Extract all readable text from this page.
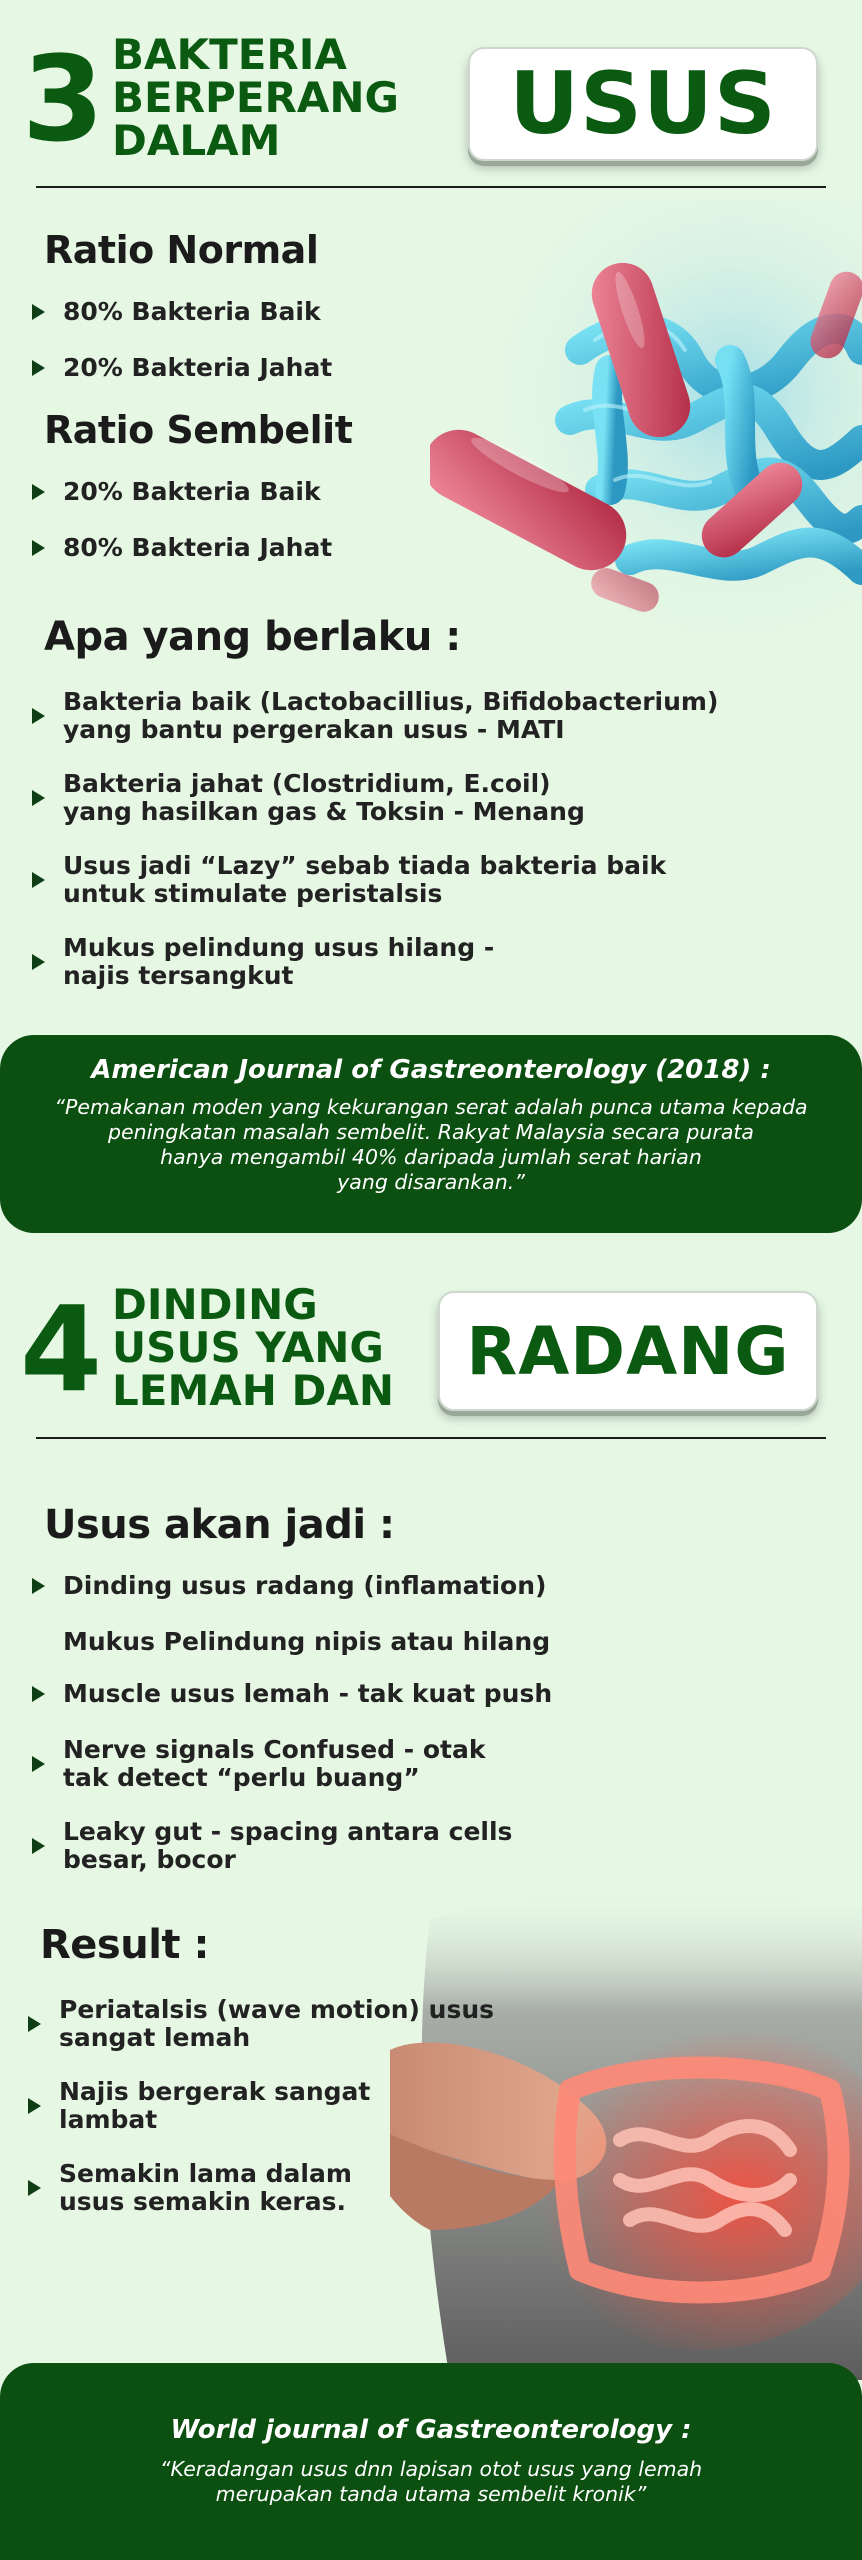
3 BAKTERIA
BERPERANG
DALAM	USUS
Ratio Normal
80% Bakteria Baik
20% Bakteria Jahat
Ratio Sembelit
20% Bakteria Baik
80% Bakteria Jahat
Apa yang berlaku :
Bakteria baik (Lactobacillius, Bifidobacterium)
yang bantu pergerakan usus - MATI
Bakteria jahat (Clostridium, E.coil)
yang hasilkan gas & Toksin - Menang
Usus jadi “Lazy” sebab tiada bakteria baik
untuk stimulate peristalsis
Mukus pelindung usus hilang -
najis tersangkut
American Journal of Gastreonterology (2018) :
“Pemakanan moden yang kekurangan serat adalah punca utama kepada
peningkatan masalah sembelit. Rakyat Malaysia secara purata
hanya mengambil 40% daripada jumlah serat harian
yang disarankan.”
4 DINDING
USUS YANG
LEMAH DAN
RADANG
Usus akan jadi :
Dinding usus radang (inflamation)
Mukus Pelindung nipis atau hilang
Muscle usus lemah - tak kuat push
Nerve signals Confused - otak
tak detect “perlu buang”
Leaky gut - spacing antara cells
besar, bocor
Result :
Periatalsis (wave motion) usus
sangat lemah
Najis bergerak sangat
lambat
Semakin lama dalam
usus semakin keras.
World journal of Gastreonterology :
“Keradangan usus dnn lapisan otot usus yang lemah
merupakan tanda utama sembelit kronik”
